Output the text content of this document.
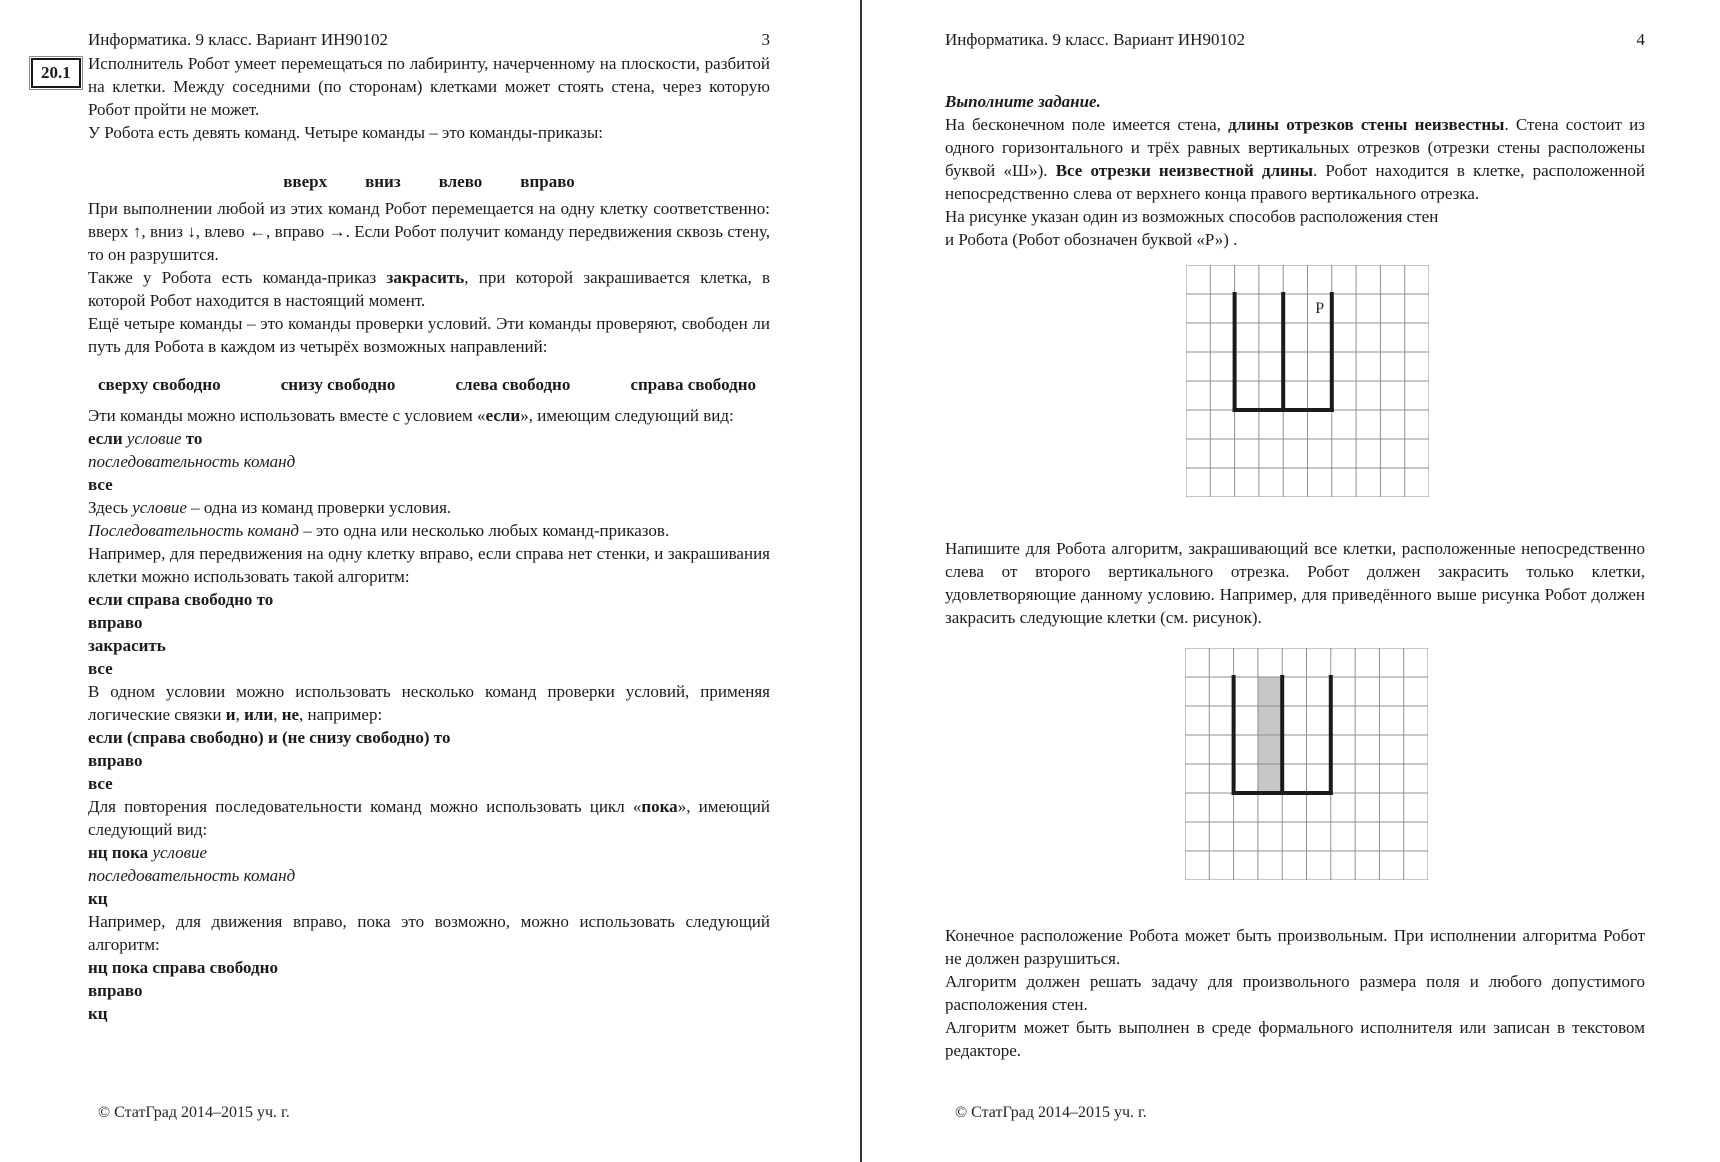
Информатика. 9 класс. Вариант ИН90102	3
20.1	Исполнитель Робот умеет перемещаться по лабиринту, начерченному на плоскости, разбитой на клетки. Между соседними (по сторонам) клетками может стоять стена, через которую Робот пройти не может.

У Робота есть девять команд. Четыре команды – это команды-приказы:

вверх вниз влево вправо

При выполнении любой из этих команд Робот перемещается на одну клетку соответственно: вверх ↑, вниз ↓, влево ←, вправо →. Если Робот получит команду передвижения сквозь стену, то он разрушится.

Также у Робота есть команда-приказ закрасить, при которой закрашивается клетка, в которой Робот находится в настоящий момент.

Ещё четыре команды – это команды проверки условий. Эти команды проверяют, свободен ли путь для Робота в каждом из четырёх возможных направлений:

сверху свободно	снизу свободно	слева свободно	справа свободно

Эти команды можно использовать вместе с условием «если», имеющим следующий вид:

если условие то

последовательность команд

все

Здесь условие – одна из команд проверки условия.

Последовательность команд – это одна или несколько любых команд-приказов.

Например, для передвижения на одну клетку вправо, если справа нет стенки, и закрашивания клетки можно использовать такой алгоритм:

если справа свободно то

вправо

закрасить

все

В одном условии можно использовать несколько команд проверки условий, применяя логические связки и, или, не, например:

если (справа свободно) и (не снизу свободно) то

вправо

все

Для повторения последовательности команд можно использовать цикл «пока», имеющий следующий вид:

нц пока условие

последовательность команд

кц

Например, для движения вправо, пока это возможно, можно использовать следующий алгоритм:

нц пока справа свободно

вправо

кц

© СтатГрад 2014–2015 уч. г.
Информатика. 9 класс. Вариант ИН90102	4

Выполните задание.

На бесконечном поле имеется стена, длины отрезков стены неизвестны. Стена состоит из одного горизонтального и трёх равных вертикальных отрезков (отрезки стены расположены буквой «Ш»). Все отрезки неизвестной длины. Робот находится в клетке, расположенной непосредственно слева от верхнего конца правого вертикального отрезка.

На рисунке указан один из возможных способов расположения стен

и Робота (Робот обозначен буквой «Р») .

Р

Напишите для Робота алгоритм, закрашивающий все клетки, расположенные непосредственно слева от второго вертикального отрезка. Робот должен закрасить только клетки, удовлетворяющие данному условию. Например, для приведённого выше рисунка Робот должен закрасить следующие клетки (см. рисунок).

Конечное расположение Робота может быть произвольным. При исполнении алгоритма Робот не должен разрушиться.

Алгоритм должен решать задачу для произвольного размера поля и любого допустимого расположения стен.

Алгоритм может быть выполнен в среде формального исполнителя или записан в текстовом редакторе.

© СтатГрад 2014–2015 уч. г.
